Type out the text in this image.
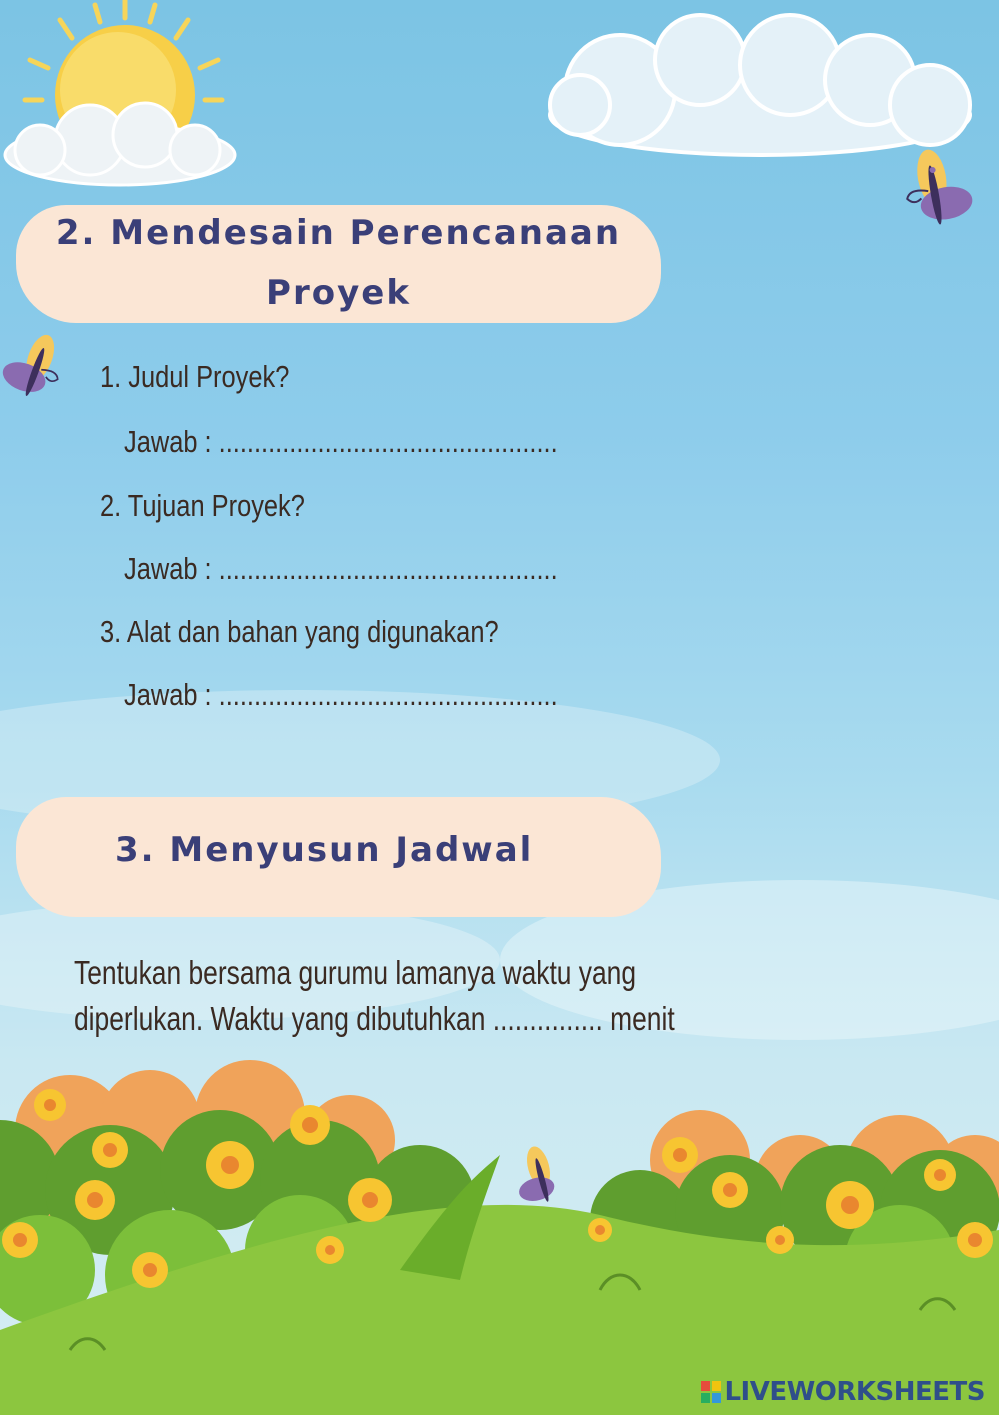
2. Mendesain Perencanaan
Proyek
1. Judul Proyek?
Jawab : ................................................
2. Tujuan Proyek?
Jawab : ................................................
3. Alat dan bahan yang digunakan?
Jawab : ................................................
3. Menyusun Jadwal
Tentukan bersama gurumu lamanya waktu yang
diperlukan. Waktu yang dibutuhkan ............... menit
LIVEWORKSHEETS
